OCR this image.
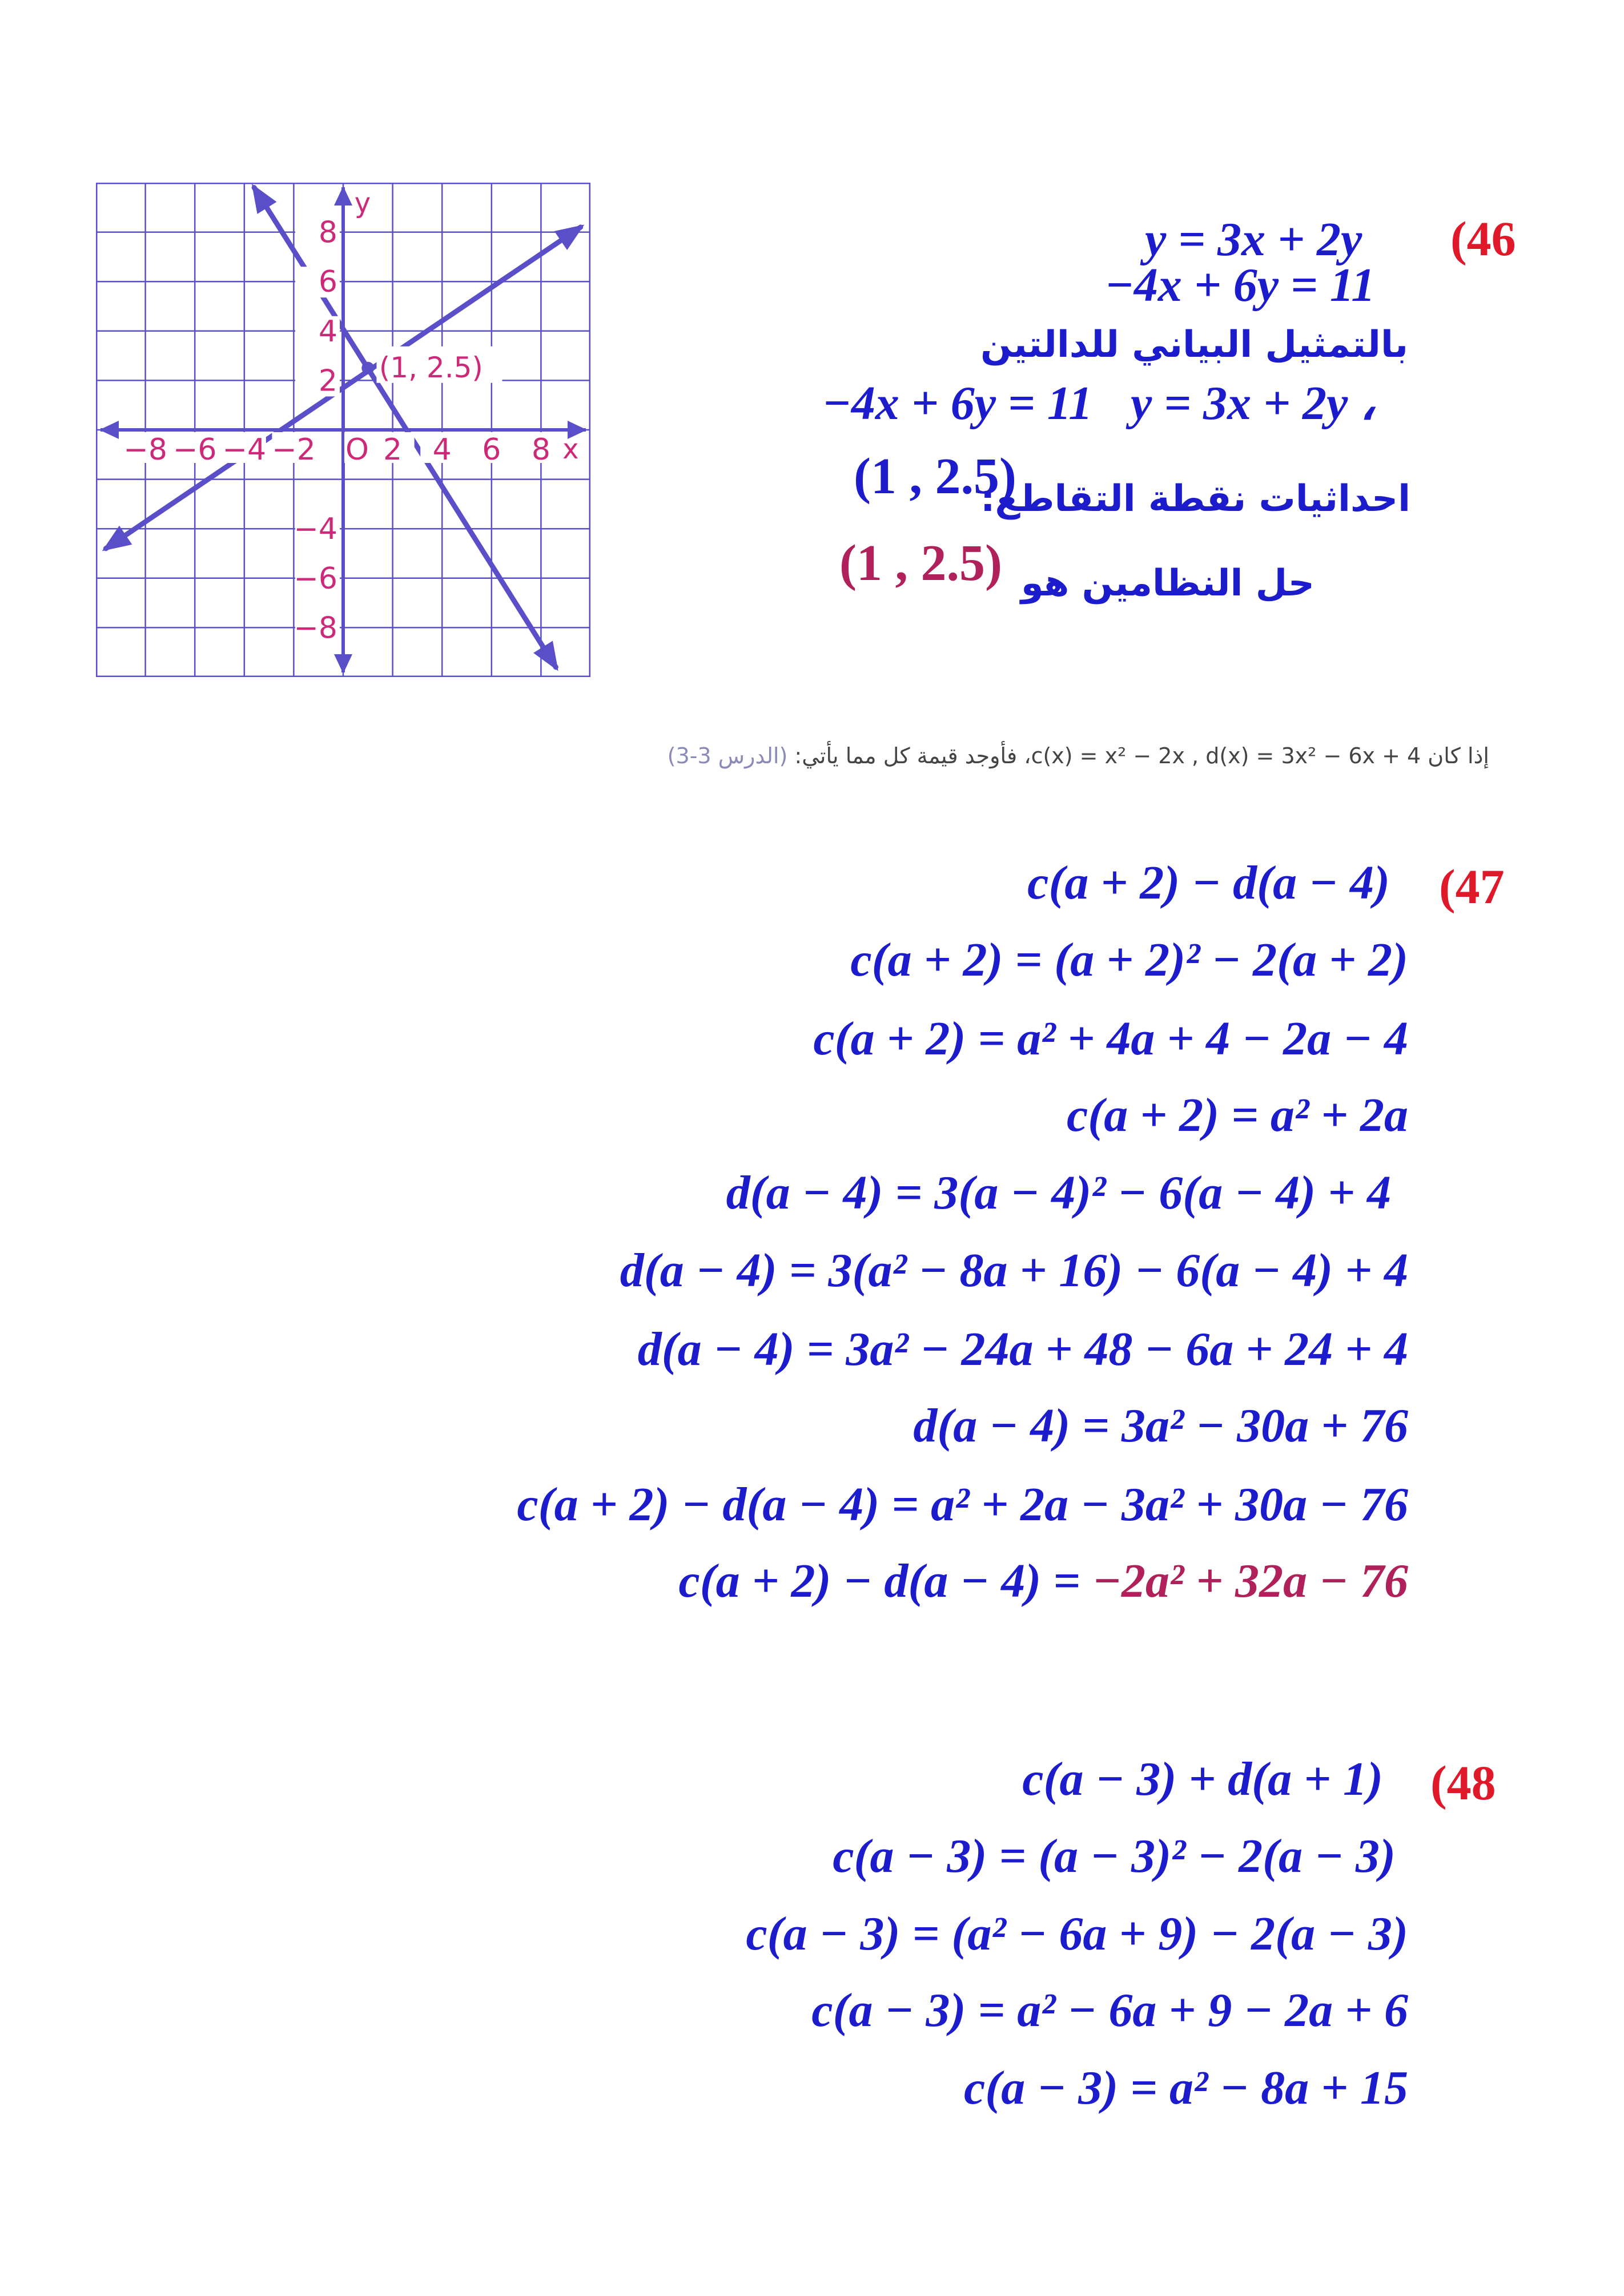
−8 −6 −4 −2 2 4 6 8
8
6
4
2
−4
−6
−8
O	x
y
(1, 2.5)
(46
y = 3x + 2y
−4x + 6y = 11
بالتمثيل البياني للدالتين
−4x + 6y = 11 y = 3x + 2y ،
احداثيات نقطة التقاطع:
(1 , 2.5)
حل النظامين هو
(1 , 2.5)
إذا كان c(x) = x² − 2x , d(x) = 3x² − 6x + 4، فأوجد قيمة كل مما يأتي: (الدرس 3-3)
(47
c(a + 2) − d(a − 4)
c(a + 2) = (a + 2)² − 2(a + 2)
c(a + 2) = a² + 4a + 4 − 2a − 4
c(a + 2) = a² + 2a
d(a − 4) = 3(a − 4)² − 6(a − 4) + 4
d(a − 4) = 3(a² − 8a + 16) − 6(a − 4) + 4
d(a − 4) = 3a² − 24a + 48 − 6a + 24 + 4
d(a − 4) = 3a² − 30a + 76
c(a + 2) − d(a − 4) = a² + 2a − 3a² + 30a − 76
c(a + 2) − d(a − 4) = −2a² + 32a − 76
(48
c(a − 3) + d(a + 1)
c(a − 3) = (a − 3)² − 2(a − 3)
c(a − 3) = (a² − 6a + 9) − 2(a − 3)
c(a − 3) = a² − 6a + 9 − 2a + 6
c(a − 3) = a² − 8a + 15
